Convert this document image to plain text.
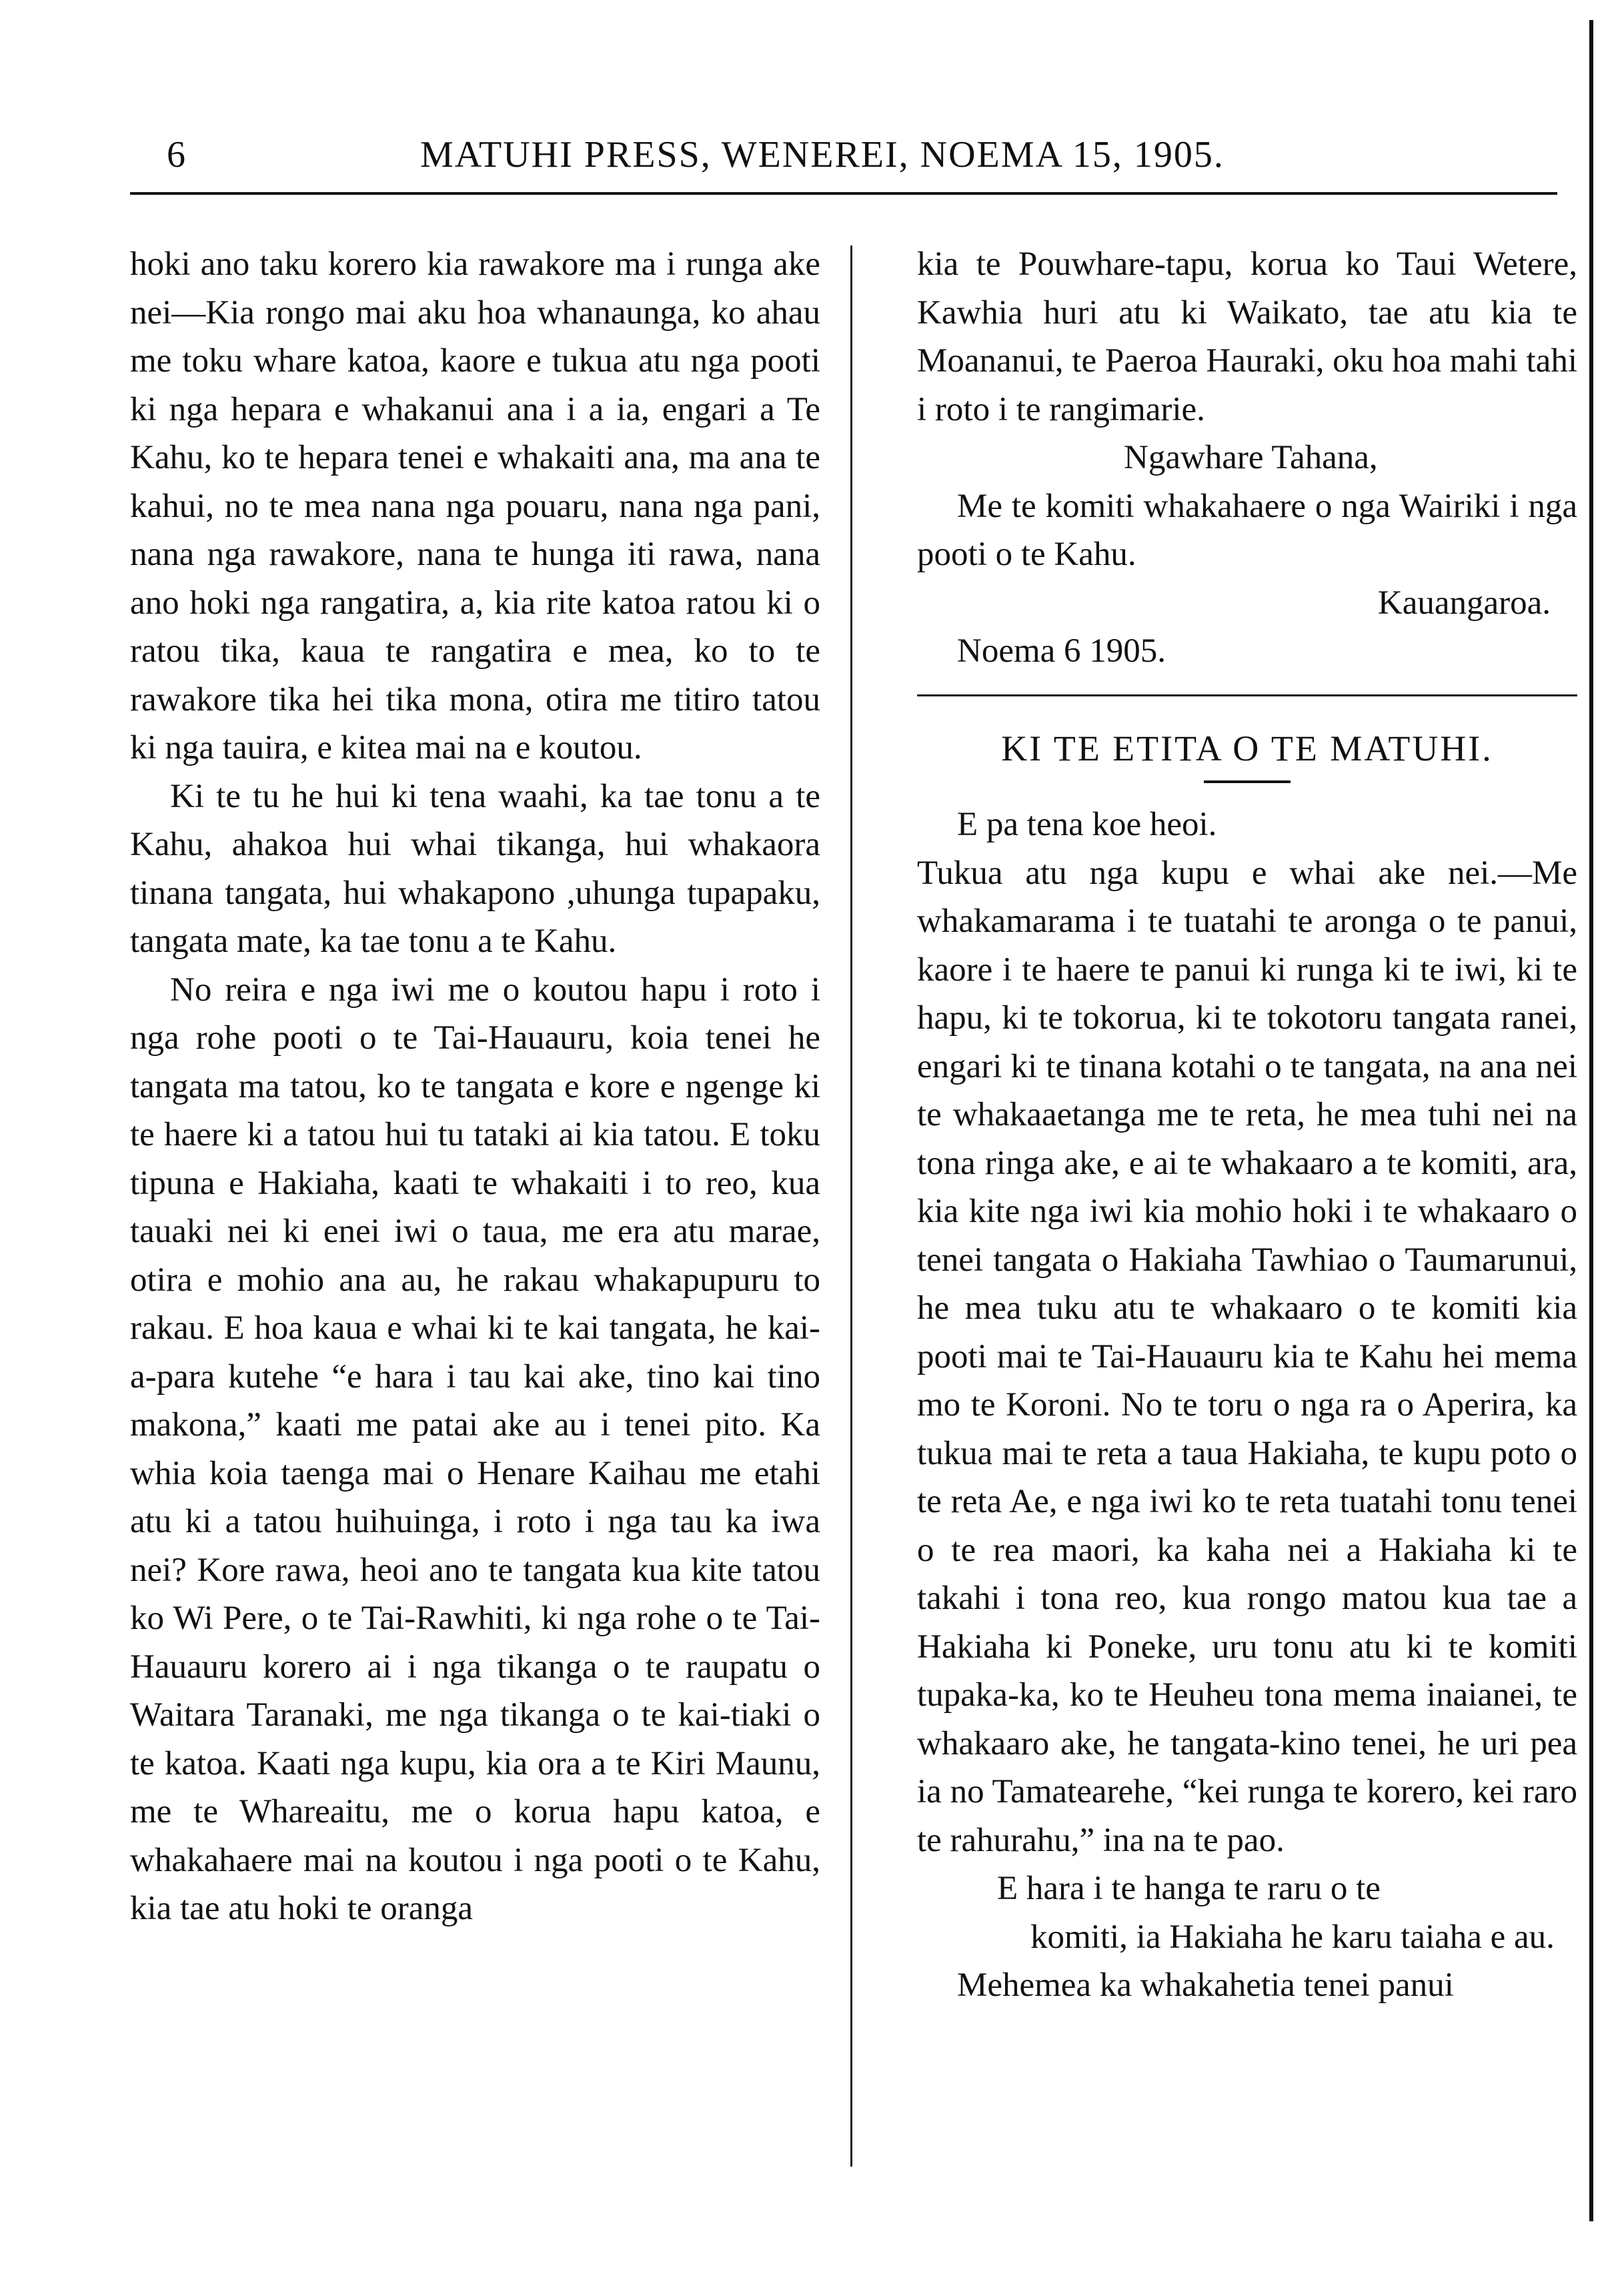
6	MATUHI PRESS, WENEREI, NOEMA 15, 1905.

hoki ano taku korero kia rawakore ma i runga ake nei—Kia rongo mai aku hoa whanaunga, ko ahau me toku whare katoa, kaore e tukua atu nga pooti ki nga hepara e whakanui ana i a ia, engari a Te Kahu, ko te hepara tenei e whakaiti ana, ma ana te kahui, no te mea nana nga pouaru, nana nga pani, nana nga rawakore, nana te hunga iti rawa, nana ano hoki nga rangatira, a, kia rite katoa ratou ki o ratou tika, kaua te rangatira e mea, ko to te rawakore tika hei tika mona, otira me titiro tatou ki nga tauira, e kitea mai na e koutou.

Ki te tu he hui ki tena waahi, ka tae tonu a te Kahu, ahakoa hui whai tikanga, hui whakaora tinana tangata, hui whakapono ,uhunga tupapaku, tangata mate, ka tae tonu a te Kahu.

No reira e nga iwi me o koutou hapu i roto i nga rohe pooti o te Tai-Hauauru, koia tenei he tangata ma tatou, ko te tangata e kore e ngenge ki te haere ki a tatou hui tu tataki ai kia tatou. E toku tipuna e Hakiaha, kaati te whakaiti i to reo, kua tauaki nei ki enei iwi o taua, me era atu marae, otira e mohio ana au, he rakau whakapupuru to rakau. E hoa kaua e whai ki te kai tangata, he kai-a-para kutehe “e hara i tau kai ake, tino kai tino makona,” kaati me patai ake au i tenei pito. Ka whia koia taenga mai o Henare Kaihau me etahi atu ki a tatou huihuinga, i roto i nga tau ka iwa nei? Kore rawa, heoi ano te tangata kua kite tatou ko Wi Pere, o te Tai-Rawhiti, ki nga rohe o te Tai-Hauauru korero ai i nga tikanga o te raupatu o Waitara Taranaki, me nga tikanga o te kai-tiaki o te katoa. Kaati nga kupu, kia ora a te Kiri Maunu, me te Whareaitu, me o korua hapu katoa, e whakahaere mai na koutou i nga pooti o te Kahu, kia tae atu hoki te oranga

kia te Pouwhare-tapu, korua ko Taui Wetere, Kawhia huri atu ki Waikato, tae atu kia te Moananui, te Paeroa Hauraki, oku hoa mahi tahi i roto i te rangimarie.

Ngawhare Tahana,

Me te komiti whakahaere o nga Wairiki i nga pooti o te Kahu.

Kauangaroa.

Noema 6 1905.

KI TE ETITA O TE MATUHI.

E pa tena koe heoi.

Tukua atu nga kupu e whai ake nei.—Me whakamarama i te tuatahi te aronga o te panui, kaore i te haere te panui ki runga ki te iwi, ki te hapu, ki te tokorua, ki te tokotoru tangata ranei, engari ki te tinana kotahi o te tangata, na ana nei te whakaaetanga me te reta, he mea tuhi nei na tona ringa ake, e ai te whakaaro a te komiti, ara, kia kite nga iwi kia mohio hoki i te whakaaro o tenei tangata o Hakiaha Tawhiao o Taumarunui, he mea tuku atu te whakaaro o te komiti kia pooti mai te Tai-Hauauru kia te Kahu hei mema mo te Koroni. No te toru o nga ra o Aperira, ka tukua mai te reta a taua Hakiaha, te kupu poto o te reta Ae, e nga iwi ko te reta tuatahi tonu tenei o te rea maori, ka kaha nei a Hakiaha ki te takahi i tona reo, kua rongo matou kua tae a Hakiaha ki Poneke, uru tonu atu ki te komiti tupaka-ka, ko te Heuheu tona mema inaianei, te whakaaro ake, he tangata-kino tenei, he uri pea ia no Tamatearehe, “kei runga te korero, kei raro te rahurahu,” ina na te pao.

E hara i te hanga te raru o te

komiti, ia Hakiaha he karu taiaha e au.

Mehemea ka whakahetia tenei panui
